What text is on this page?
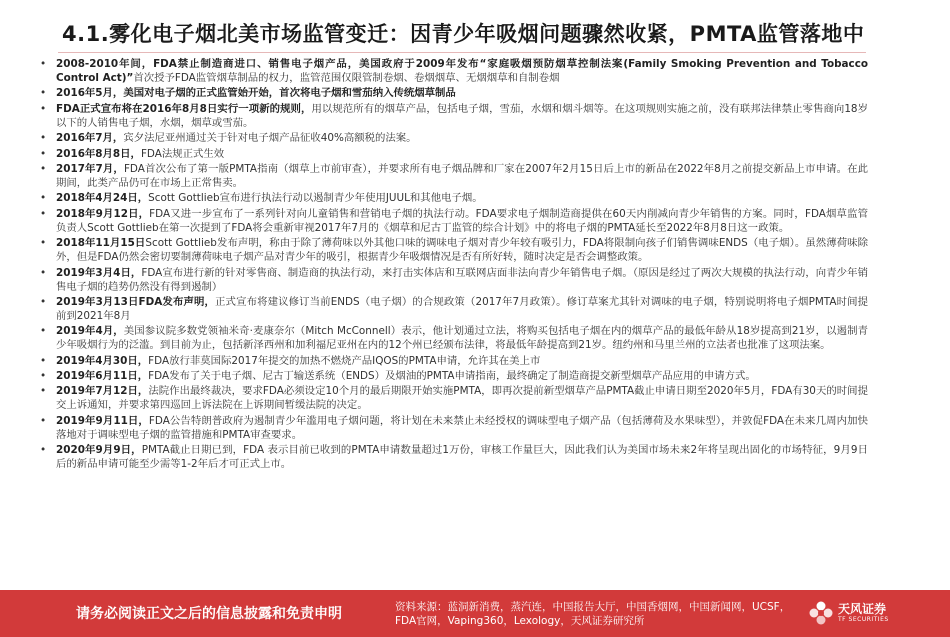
4.1.雾化电子烟北美市场监管变迁：因青少年吸烟问题骤然收紧，PMTA监管落地中
• 2008-2010年间，FDA禁止制造商进口、销售电子烟产品，美国政府于2009年发布“家庭吸烟预防烟草控制法案(Family Smoking Prevention and Tobacco Control Act)”首次授予FDA监管烟草制品的权力，监管范围仅限管制卷烟、卷烟烟草、无烟烟草和自制卷烟
• 2016年5月，美国对电子烟的正式监管始开始，首次将电子烟和雪茄纳入传统烟草制品
• FDA正式宣布将在2016年8月8日实行一项新的规则，用以规范所有的烟草产品，包括电子烟，雪茄，水烟和烟斗烟等。在这项规则实施之前，没有联邦法律禁止零售商向18岁以下的人销售电子烟，水烟，烟草或雪茄。
• 2016年7月，宾夕法尼亚州通过关于针对电子烟产品征收40%高额税的法案。
• 2016年8月8日，FDA法规正式生效
• 2017年7月，FDA首次公布了第一版PMTA指南（烟草上市前审查），并要求所有电子烟品牌和厂家在2007年2月15日后上市的新品在2022年8月之前提交新品上市申请。在此期间，此类产品仍可在市场上正常售卖。
• 2018年4月24日，Scott Gottlieb宣布进行执法行动以遏制青少年使用JUUL和其他电子烟。
• 2018年9月12日，FDA又进一步宣布了一系列针对向儿童销售和营销电子烟的执法行动。FDA要求电子烟制造商提供在60天内削减向青少年销售的方案。同时，FDA烟草监管负责人Scott Gottlieb在第一次提到了FDA将会重新审视2017年7月的《烟草和尼古丁监管的综合计划》中的将电子烟的PMTA延长至2022年8月8日这一政策。
• 2018年11月15日Scott Gottlieb发布声明，称由于除了薄荷味以外其他口味的调味电子烟对青少年较有吸引力，FDA将限制向孩子们销售调味ENDS（电子烟）。虽然薄荷味除外，但是FDA仍然会密切要制薄荷味电子烟产品对青少年的吸引，根据青少年吸烟情况是否有所好转，随时决定是否会调整政策。
• 2019年3月4日，FDA宣布进行新的针对零售商、制造商的执法行动，来打击实体店和互联网店面非法向青少年销售电子烟。（原因是经过了两次大规模的执法行动，向青少年销售电子烟的趋势仍然没有得到遏制）
• 2019年3月13日FDA发布声明，正式宣布将建议修订当前ENDS（电子烟）的合规政策（2017年7月政策）。修订草案尤其针对调味的电子烟，特别说明将电子烟PMTA时间提前到2021年8月
• 2019年4月，美国参议院多数党领袖米奇·麦康奈尔（Mitch McConnell）表示，他计划通过立法，将购买包括电子烟在内的烟草产品的最低年龄从18岁提高到21岁，以遏制青少年吸烟行为的泛滥。到目前为止，包括新泽西州和加利福尼亚州在内的12个州已经颁布法律，将最低年龄提高到21岁。纽约州和马里兰州的立法者也批准了这项法案。
• 2019年4月30日，FDA放行菲莫国际2017年提交的加热不燃烧产品IQOS的PMTA申请，允许其在美上市
• 2019年6月11日，FDA发布了关于电子烟、尼古丁输送系统（ENDS）及烟油的PMTA申请指南，最终确定了制造商提交新型烟草产品应用的申请方式。
• 2019年7月12日，法院作出最终裁决，要求FDA必须设定10个月的最后期限开始实施PMTA，即再次提前新型烟草产品PMTA截止申请日期至2020年5月，FDA有30天的时间提交上诉通知，并要求第四巡回上诉法院在上诉期间暂缓法院的决定。
• 2019年9月11日，FDA公告特朗普政府为遏制青少年滥用电子烟问题，将计划在未来禁止未经授权的调味型电子烟产品（包括薄荷及水果味型），并敦促FDA在未来几周内加快落地对于调味型电子烟的监管措施和PMTA审查要求。
• 2020年9月9日，PMTA截止日期已到，FDA 表示目前已收到的PMTA申请数量超过1万份，审核工作量巨大，因此我们认为美国市场未来2年将呈现出固化的市场特征，9月9日后的新品申请可能至少需等1-2年后才可正式上市。
请务必阅读正文之后的信息披露和免责申明	资料来源：蓝洞新消费，蒸汽连，中国报告大厅，中国香烟网，中国新闻网，UCSF，FDA官网，Vaping360，Lexology，天风证券研究所
天风证券
TF SECURITIES
